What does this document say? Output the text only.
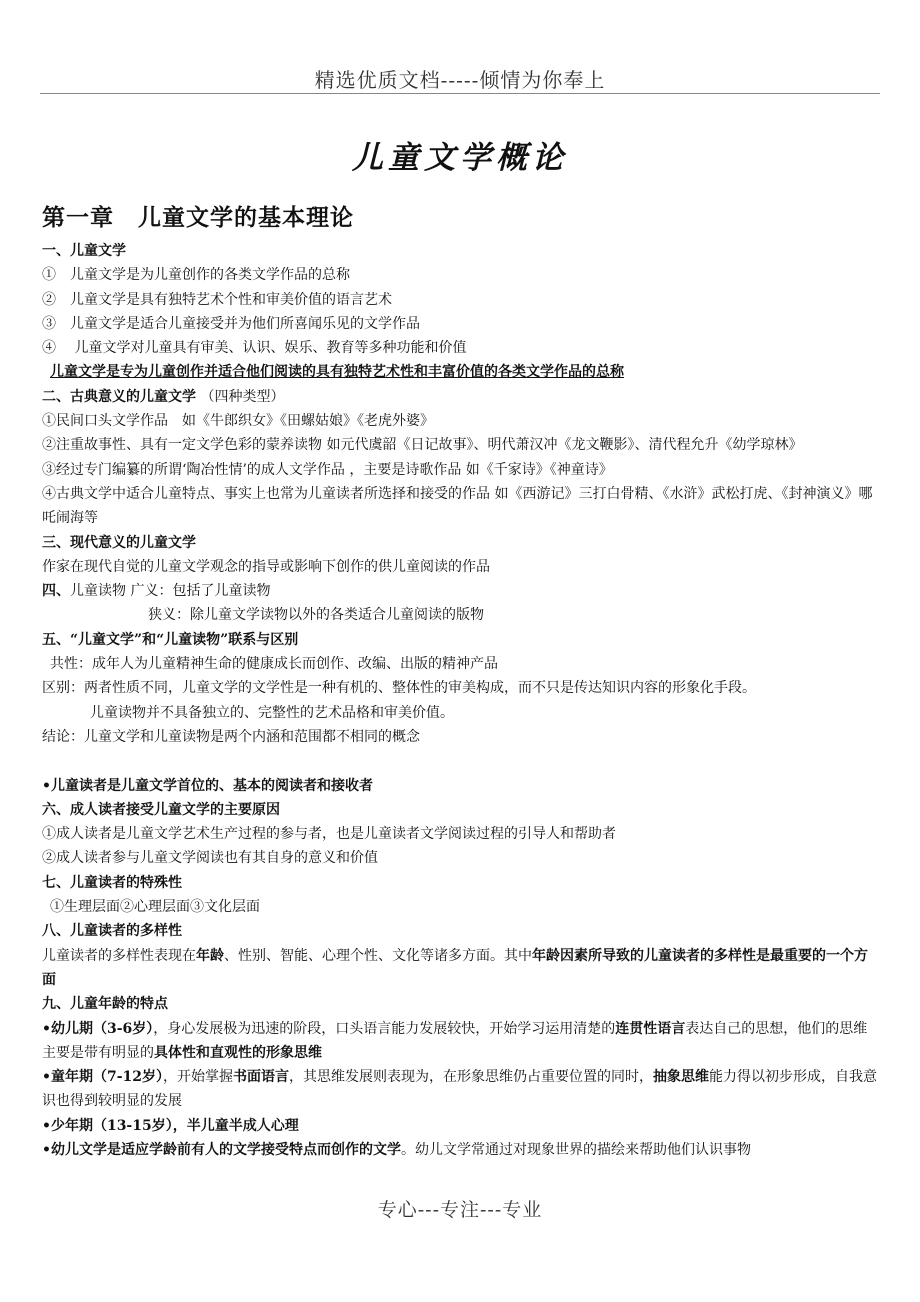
精选优质文档-----倾情为你奉上
儿童文学概论
第一章　儿童文学的基本理论
一、儿童文学
①　儿童文学是为儿童创作的各类文学作品的总称
②　儿童文学是具有独特艺术个性和审美价值的语言艺术
③　儿童文学是适合儿童接受并为他们所喜闻乐见的文学作品
④　 儿童文学对儿童具有审美、认识、娱乐、教育等多种功能和价值
儿童文学是专为儿童创作并适合他们阅读的具有独特艺术性和丰富价值的各类文学作品的总称
二、古典意义的儿童文学 （四种类型）
①民间口头文学作品　如《牛郎织女》《田螺姑娘》《老虎外婆》
②注重故事性、具有一定文学色彩的蒙养读物 如元代虞韶《日记故事》、明代萧汉冲《龙文鞭影》、清代程允升《幼学琼林》
③经过专门编纂的所谓‘陶冶性情’的成人文学作品 ，主要是诗歌作品 如《千家诗》《神童诗》
④古典文学中适合儿童特点、事实上也常为儿童读者所选择和接受的作品 如《西游记》三打白骨精、《水浒》武松打虎、《封神演义》哪吒闹海等
三、现代意义的儿童文学
作家在现代自觉的儿童文学观念的指导或影响下创作的供儿童阅读的作品
四、儿童读物 广义：包括了儿童读物
狭义：除儿童文学读物以外的各类适合儿童阅读的版物
五、“儿童文学”和“儿童读物”联系与区别
共性：成年人为儿童精神生命的健康成长而创作、改编、出版的精神产品
区别：两者性质不同，儿童文学的文学性是一种有机的、整体性的审美构成，而不只是传达知识内容的形象化手段。
儿童读物并不具备独立的、完整性的艺术品格和审美价值。
结论：儿童文学和儿童读物是两个内涵和范围都不相同的概念
•儿童读者是儿童文学首位的、基本的阅读者和接收者
六、成人读者接受儿童文学的主要原因
①成人读者是儿童文学艺术生产过程的参与者，也是儿童读者文学阅读过程的引导人和帮助者
②成人读者参与儿童文学阅读也有其自身的意义和价值
七、儿童读者的特殊性
①生理层面②心理层面③文化层面
八、儿童读者的多样性
儿童读者的多样性表现在年龄、性别、智能、心理个性、文化等诸多方面。其中年龄因素所导致的儿童读者的多样性是最重要的一个方面
九、儿童年龄的特点
•幼儿期（3-6岁），身心发展极为迅速的阶段，口头语言能力发展较快，开始学习运用清楚的连贯性语言表达自己的思想，他们的思维主要是带有明显的具体性和直观性的形象思维
•童年期（7-12岁），开始掌握书面语言，其思维发展则表现为，在形象思维仍占重要位置的同时，抽象思维能力得以初步形成，自我意识也得到较明显的发展
•少年期（13-15岁），半儿童半成人心理
•幼儿文学是适应学龄前有人的文学接受特点而创作的文学。幼儿文学常通过对现象世界的描绘来帮助他们认识事物
专心---专注---专业
